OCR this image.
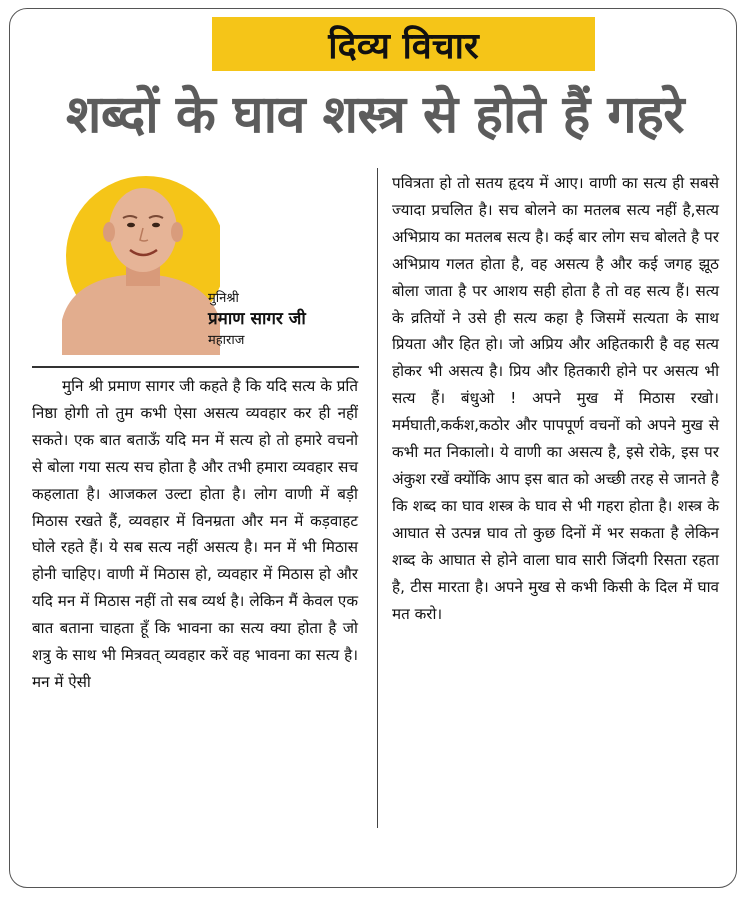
दिव्य विचार
शब्दों के घाव शस्त्र से होते हैं गहरे
मुनिश्री
प्रमाण सागर जी
महाराज
मुनि श्री प्रमाण सागर जी कहते है कि यदि सत्य के प्रति निष्ठा होगी तो तुम कभी ऐसा असत्य व्यवहार कर ही नहीं सकते। एक बात बताऊँ यदि मन में सत्य हो तो हमारे वचनो से बोला गया सत्य सच होता है और तभी हमारा व्यवहार सच कहलाता है। आजकल उल्टा होता है। लोग वाणी में बड़ी मिठास रखते हैं, व्यवहार में विनम्रता और मन में कड़वाहट घोले रहते हैं। ये सब सत्य नहीं असत्य है। मन में भी मिठास होनी चाहिए। वाणी में मिठास हो, व्यवहार में मिठास हो और यदि मन में मिठास नहीं तो सब व्यर्थ है। लेकिन मैं केवल एक बात बताना चाहता हूँ कि भावना का सत्य क्या होता है जो शत्रु के साथ भी मित्रवत् व्यवहार करें वह भावना का सत्य है। मन में ऐसी
पवित्रता हो तो सतय हृदय में आए। वाणी का सत्य ही सबसे ज्यादा प्रचलित है। सच बोलने का मतलब सत्य नहीं है,सत्य अभिप्राय का मतलब सत्य है। कई बार लोग सच बोलते है पर अभिप्राय गलत होता है, वह असत्य है और कई जगह झूठ बोला जाता है पर आशय सही होता है तो वह सत्य हैं। सत्य के व्रतियों ने उसे ही सत्य कहा है जिसमें सत्यता के साथ प्रियता और हित हो। जो अप्रिय और अहितकारी है वह सत्य होकर भी असत्य है। प्रिय और हितकारी होने पर असत्य भी सत्य हैं। बंधुओ ! अपने मुख में मिठास रखो। मर्मघाती,कर्कश,कठोर और पापपूर्ण वचनों को अपने मुख से कभी मत निकालो। ये वाणी का असत्य है, इसे रोके, इस पर अंकुश रखें क्योंकि आप इस बात को अच्छी तरह से जानते है कि शब्द का घाव शस्त्र के घाव से भी गहरा होता है। शस्त्र के आघात से उत्पन्न घाव तो कुछ दिनों में भर सकता है लेकिन शब्द के आघात से होने वाला घाव सारी जिंदगी रिसता रहता है, टीस मारता है। अपने मुख से कभी किसी के दिल में घाव मत करो।
